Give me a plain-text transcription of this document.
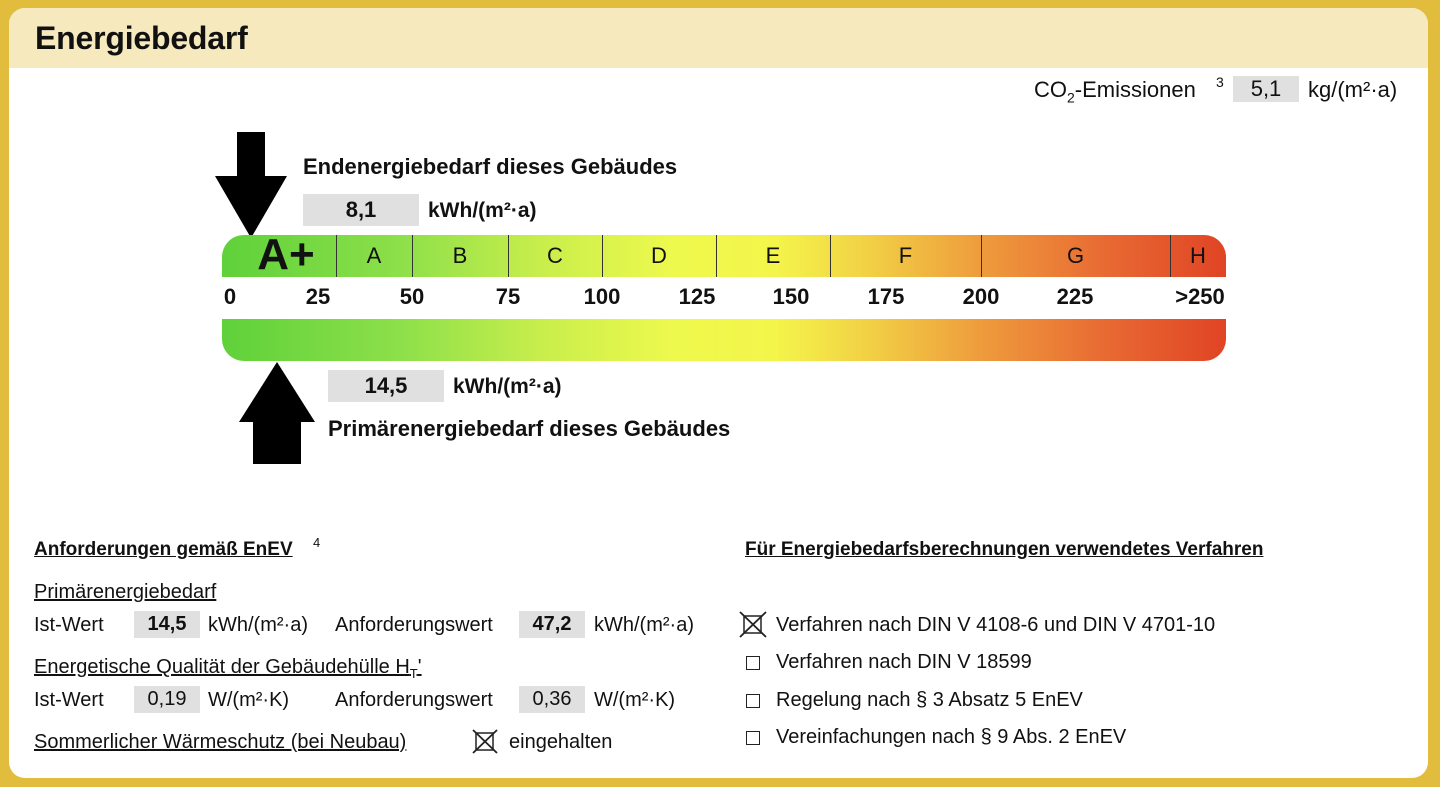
Energiebedarf
$CO_2$-Emissionen 3	5,1	kg/(m²·a)
Endenergiebedarf dieses Gebäudes
8,1	kWh/(m²·a)
A+	A	B	C	D	E	F	G	H
0	25	50	75	100	125	150	175	200	225	>250
14,5	kWh/(m²·a)
Primärenergiebedarf dieses Gebäudes
Anforderungen gemäß EnEV 4
Primärenergiebedarf
Ist-Wert	14,5	kWh/(m²·a) Anforderungswert	47,2	kWh/(m²·a)
Energetische Qualität der Gebäudehülle $H_T'$
Ist-Wert	0,19	W/(m²·K) Anforderungswert	0,36	W/(m²·K)
Sommerlicher Wärmeschutz (bei Neubau)	eingehalten
Für Energiebedarfsberechnungen verwendetes Verfahren
Verfahren nach DIN V 4108-6 und DIN V 4701-10
Verfahren nach DIN V 18599
Regelung nach § 3 Absatz 5 EnEV
Vereinfachungen nach § 9 Abs. 2 EnEV
